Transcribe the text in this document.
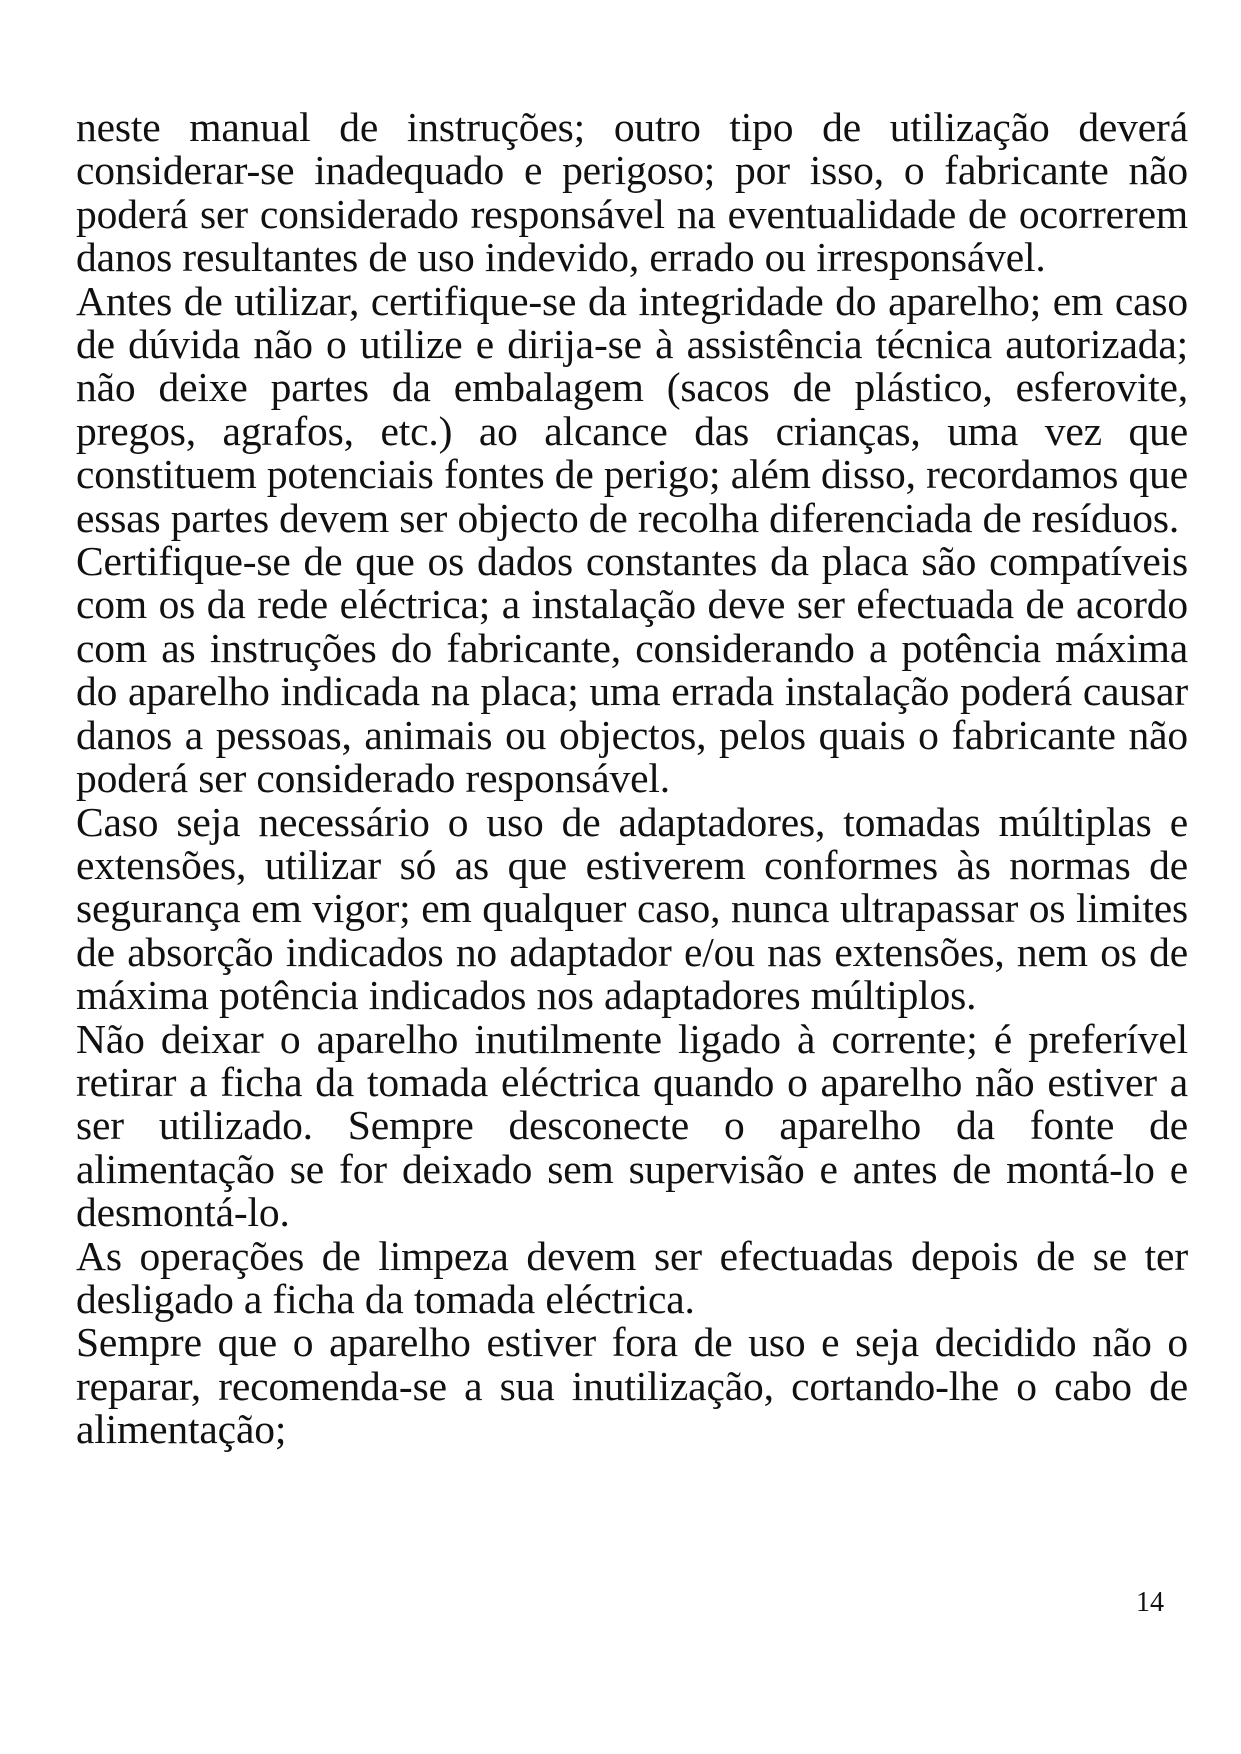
neste manual de instruções; outro tipo de utilização deverá considerar-se inadequado e perigoso; por isso, o fabricante não poderá ser considerado responsável na eventualidade de ocorrerem danos resultantes de uso indevido, errado ou irresponsável.

Antes de utilizar, certifique-se da integridade do aparelho; em caso de dúvida não o utilize e dirija-se à assistência técnica autorizada; não deixe partes da embalagem (sacos de plástico, esferovite, pregos, agrafos, etc.) ao alcance das crianças, uma vez que constituem potenciais fontes de perigo; além disso, recordamos que essas partes devem ser objecto de recolha diferenciada de resíduos.

Certifique-se de que os dados constantes da placa são compatíveis com os da rede eléctrica; a instalação deve ser efectuada de acordo com as instruções do fabricante, considerando a potência máxima do aparelho indicada na placa; uma errada instalação poderá causar danos a pessoas, animais ou objectos, pelos quais o fabricante não poderá ser considerado responsável.

Caso seja necessário o uso de adaptadores, tomadas múltiplas e extensões, utilizar só as que estiverem conformes às normas de segurança em vigor; em qualquer caso, nunca ultrapassar os limites de absorção indicados no adaptador e/ou nas extensões, nem os de máxima potência indicados nos adaptadores múltiplos.

Não deixar o aparelho inutilmente ligado à corrente; é preferível retirar a ficha da tomada eléctrica quando o aparelho não estiver a ser utilizado. Sempre desconecte o aparelho da fonte de alimentação se for deixado sem supervisão e antes de montá-lo e desmontá-lo.

As operações de limpeza devem ser efectuadas depois de se ter desligado a ficha da tomada eléctrica.

Sempre que o aparelho estiver fora de uso e seja decidido não o reparar, recomenda-se a sua inutilização, cortando-lhe o cabo de alimentação;

14
